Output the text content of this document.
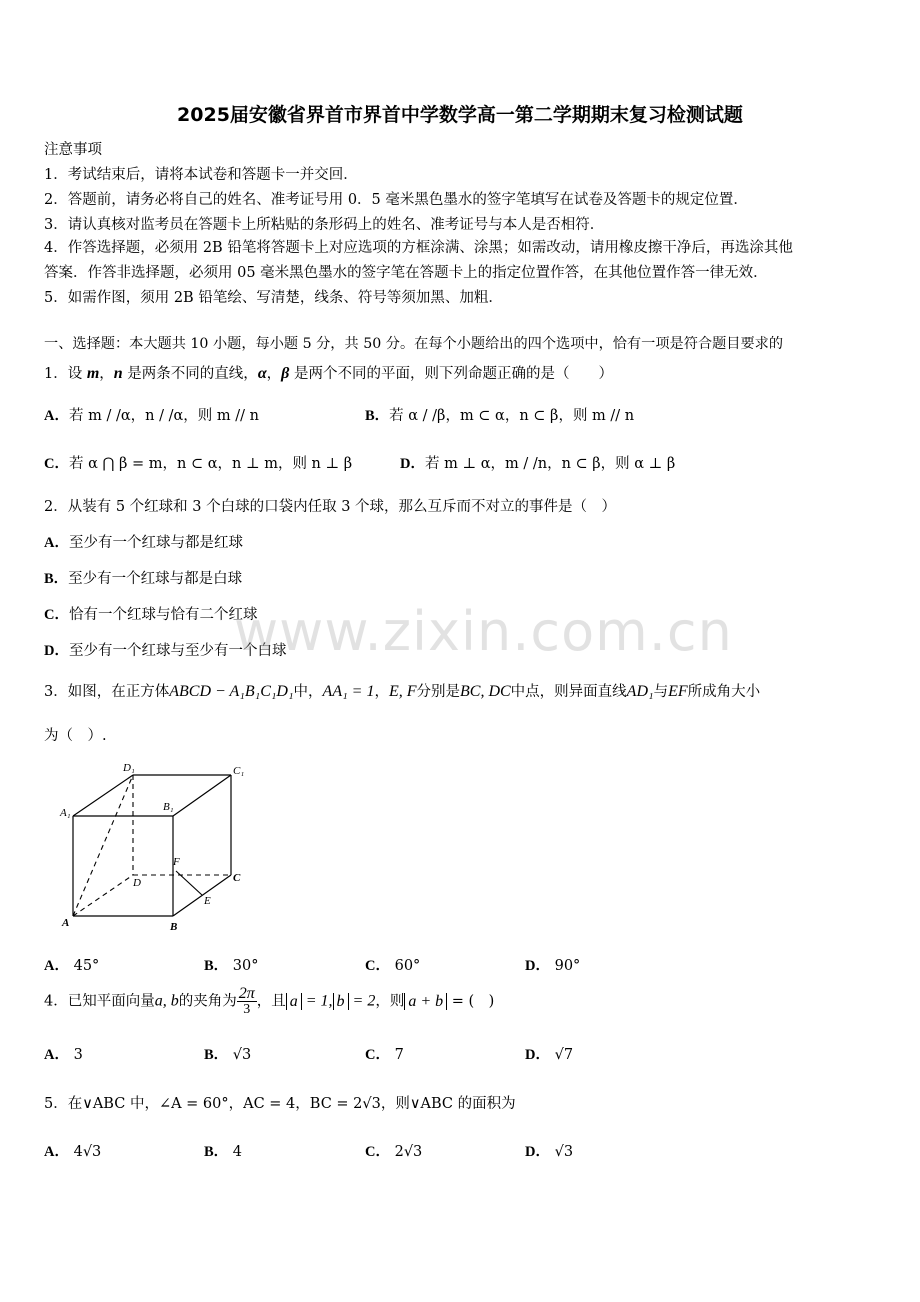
2025届安徽省界首市界首中学数学高一第二学期期末复习检测试题
注意事项
1．考试结束后，请将本试卷和答题卡一并交回．
2．答题前，请务必将自己的姓名、准考证号用 0．5 毫米黑色墨水的签字笔填写在试卷及答题卡的规定位置．
3．请认真核对监考员在答题卡上所粘贴的条形码上的姓名、准考证号与本人是否相符．
4．作答选择题，必须用 2B 铅笔将答题卡上对应选项的方框涂满、涂黑；如需改动，请用橡皮擦干净后，再选涂其他
答案．作答非选择题，必须用 05 毫米黑色墨水的签字笔在答题卡上的指定位置作答，在其他位置作答一律无效．
5．如需作图，须用 2B 铅笔绘、写清楚，线条、符号等须加黑、加粗．
一、选择题：本大题共 10 小题，每小题 5 分，共 50 分。在每个小题给出的四个选项中，恰有一项是符合题目要求的
1．设 m，n 是两条不同的直线，α，β 是两个不同的平面，则下列命题正确的是（　　）
A．若 m / /α，n / /α，则 m // n	B．若 α / /β，m ⊂ α，n ⊂ β，则 m // n
C．若 α ⋂ β = m，n ⊂ α，n ⊥ m，则 n ⊥ β	D．若 m ⊥ α，m / /n，n ⊂ β，则 α ⊥ β
2．从装有 5 个红球和 3 个白球的口袋内任取 3 个球，那么互斥而不对立的事件是（　）
A．至少有一个红球与都是红球
B．至少有一个红球与都是白球
C．恰有一个红球与恰有二个红球
D．至少有一个红球与至少有一个白球
www.zixin.com.cn
3．如图，在正方体ABCD − A₁B₁C₁D₁中，AA₁ = 1，E, F分别是BC, DC中点，则异面直线AD₁与EF所成角大小
为（　）.
D₁	C₁
A₁	B₁
F
D	C
E
A	B
A． 45°	B． 30°	C． 60°	D． 90°
4．已知平面向量a, b的夹角为 $\frac{2\pi}{3}$ ，且 a = 1, b = 2，则 a + b = (　)
A． 3	B． √3	C． 7	D． √7
5．在∨ABC 中，∠A = 60°，AC = 4，BC = 2√3，则∨ABC 的面积为
A． 4√3	B． 4	C． 2√3	D． √3
